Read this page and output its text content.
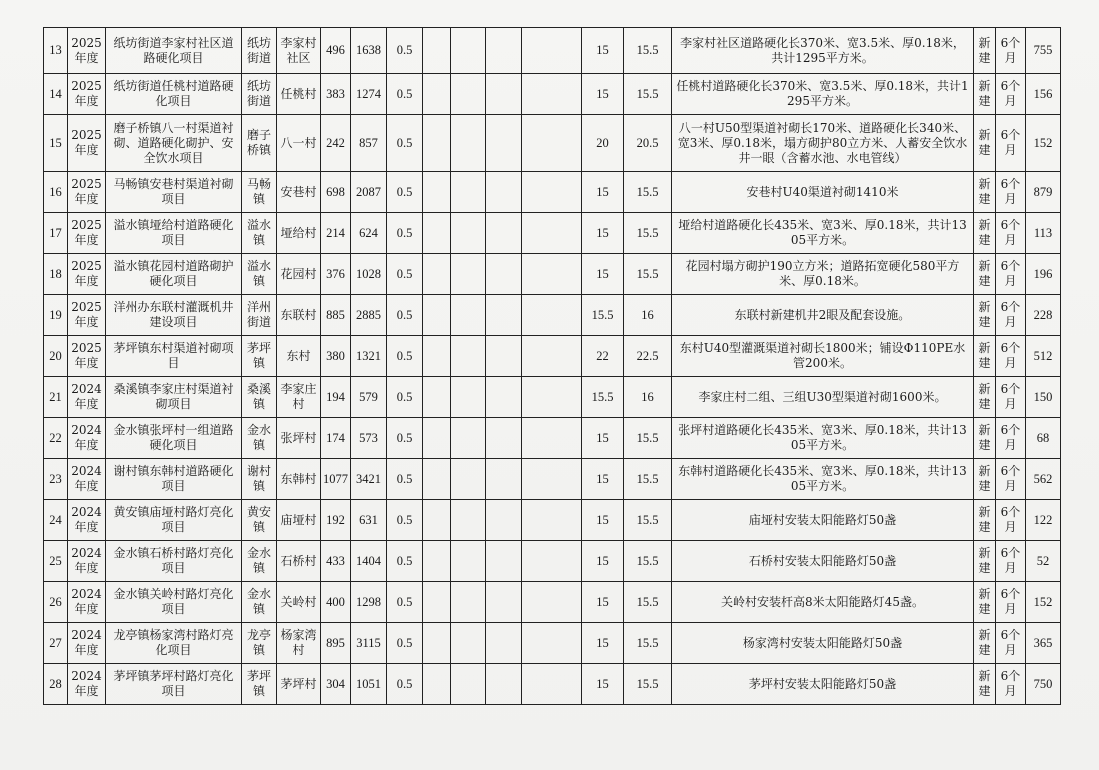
13	2025年度	纸坊街道李家村社区道路硬化项目	纸坊街道	李家村社区	496	1638	0.5					15	15.5	李家村社区道路硬化长370米、宽3.5米、厚0.18米，共计1295平方米。	新建	6个月	755
14	2025年度	纸坊街道任桃村道路硬化项目	纸坊街道	任桃村	383	1274	0.5					15	15.5	任桃村道路硬化长370米、宽3.5米、厚0.18米，共计1295平方米。	新建	6个月	156
15	2025年度	磨子桥镇八一村渠道衬砌、道路硬化砌护、安全饮水项目	磨子桥镇	八一村	242	857	0.5					20	20.5	八一村U50型渠道衬砌长170米、道路硬化长340米、宽3米、厚0.18米，塌方砌护80立方米、人蓄安全饮水井一眼（含蓄水池、水电管线）	新建	6个月	152
16	2025年度	马畅镇安巷村渠道衬砌项目	马畅镇	安巷村	698	2087	0.5					15	15.5	安巷村U40渠道衬砌1410米	新建	6个月	879
17	2025年度	溢水镇垭给村道路硬化项目	溢水镇	垭给村	214	624	0.5					15	15.5	垭给村道路硬化长435米、宽3米、厚0.18米，共计1305平方米。	新建	6个月	113
18	2025年度	溢水镇花园村道路砌护硬化项目	溢水镇	花园村	376	1028	0.5					15	15.5	花园村塌方砌护190立方米；道路拓宽硬化580平方米、厚0.18米。	新建	6个月	196
19	2025年度	洋州办东联村灌溉机井建设项目	洋州街道	东联村	885	2885	0.5					15.5	16	东联村新建机井2眼及配套设施。	新建	6个月	228
20	2025年度	茅坪镇东村渠道衬砌项目	茅坪镇	东村	380	1321	0.5					22	22.5	东村U40型灌溉渠道衬砌长1800米；铺设Φ110PE水管200米。	新建	6个月	512
21	2024年度	桑溪镇李家庄村渠道衬砌项目	桑溪镇	李家庄村	194	579	0.5					15.5	16	李家庄村二组、三组U30型渠道衬砌1600米。	新建	6个月	150
22	2024年度	金水镇张坪村一组道路硬化项目	金水镇	张坪村	174	573	0.5					15	15.5	张坪村道路硬化长435米、宽3米、厚0.18米，共计1305平方米。	新建	6个月	68
23	2024年度	谢村镇东韩村道路硬化项目	谢村镇	东韩村	1077	3421	0.5					15	15.5	东韩村道路硬化长435米、宽3米、厚0.18米，共计1305平方米。	新建	6个月	562
24	2024年度	黄安镇庙垭村路灯亮化项目	黄安镇	庙垭村	192	631	0.5					15	15.5	庙垭村安装太阳能路灯50盏	新建	6个月	122
25	2024年度	金水镇石桥村路灯亮化项目	金水镇	石桥村	433	1404	0.5					15	15.5	石桥村安装太阳能路灯50盏	新建	6个月	52
26	2024年度	金水镇关岭村路灯亮化项目	金水镇	关岭村	400	1298	0.5					15	15.5	关岭村安装杆高8米太阳能路灯45盏。	新建	6个月	152
27	2024年度	龙亭镇杨家湾村路灯亮化项目	龙亭镇	杨家湾村	895	3115	0.5					15	15.5	杨家湾村安装太阳能路灯50盏	新建	6个月	365
28	2024年度	茅坪镇茅坪村路灯亮化项目	茅坪镇	茅坪村	304	1051	0.5					15	15.5	茅坪村安装太阳能路灯50盏	新建	6个月	750
